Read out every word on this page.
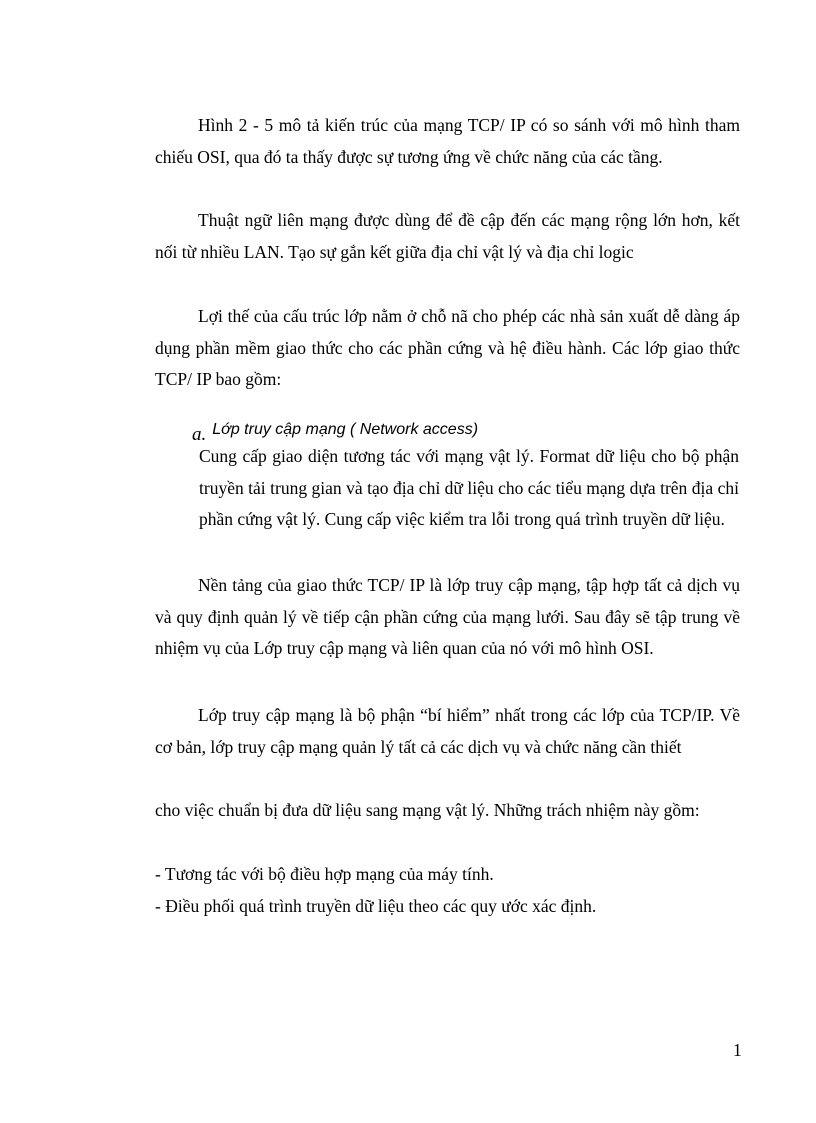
Hình 2 - 5 mô tả kiến trúc của mạng TCP/ IP có so sánh với mô hình tham chiếu OSI, qua đó ta thấy được sự tương ứng về chức năng của các tầng.

Thuật ngữ liên mạng được dùng để đề cập đến các mạng rộng lớn hơn, kết nối từ nhiều LAN. Tạo sự gắn kết giữa địa chỉ vật lý và địa chỉ logic

Lợi thế của cấu trúc lớp nằm ở chỗ nã cho phép các nhà sản xuất dễ dàng áp dụng phần mềm giao thức cho các phần cứng và hệ điều hành. Các lớp giao thức TCP/ IP bao gồm:

a. Lớp truy cập mạng ( Network access)

Cung cấp giao diện tương tác với mạng vật lý. Format dữ liệu cho bộ phận truyền tải trung gian và tạo địa chỉ dữ liệu cho các tiểu mạng dựa trên địa chỉ phần cứng vật lý. Cung cấp việc kiểm tra lỗi trong quá trình truyền dữ liệu.

Nền tảng của giao thức TCP/ IP là lớp truy cập mạng, tập hợp tất cả dịch vụ và quy định quản lý về tiếp cận phần cứng của mạng lưới. Sau đây sẽ tập trung về nhiệm vụ của Lớp truy cập mạng và liên quan của nó với mô hình OSI.

Lớp truy cập mạng là bộ phận “bí hiểm” nhất trong các lớp của TCP/IP. Về cơ bản, lớp truy cập mạng quản lý tất cả các dịch vụ và chức năng cần thiết

cho việc chuẩn bị đưa dữ liệu sang mạng vật lý. Những trách nhiệm này gồm:

- Tương tác với bộ điều hợp mạng của máy tính.

- Điều phối quá trình truyền dữ liệu theo các quy ước xác định.

1
